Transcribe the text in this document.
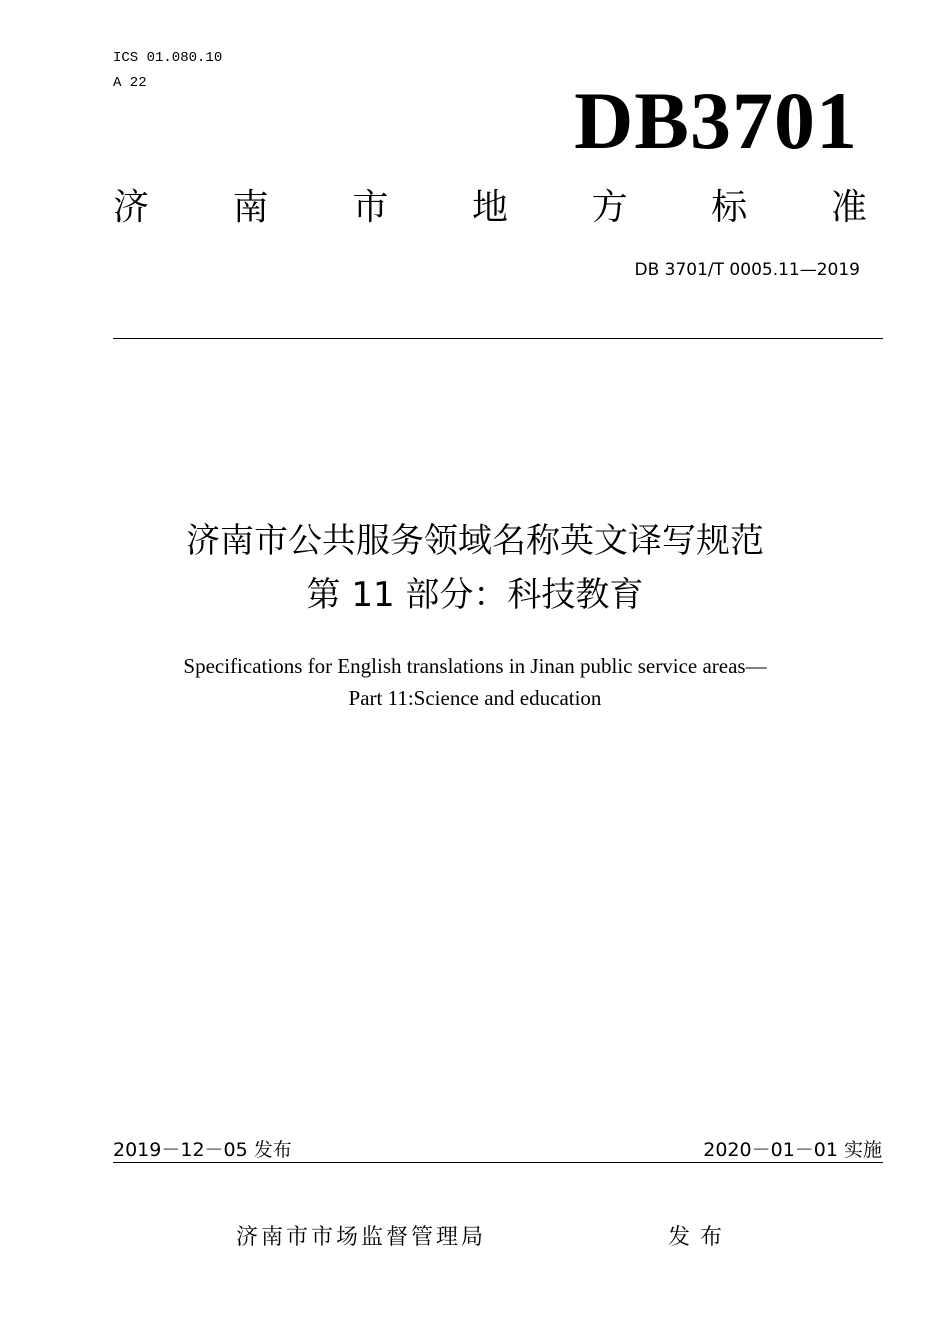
ICS 01.080.10
A 22	DB3701
济 南 市 地 方 标 准
DB 3701/T 0005.11—2019
济南市公共服务领域名称英文译写规范
第 11 部分：科技教育
Specifications for English translations in Jinan public service areas—
Part 11:Science and education
2019－12－05 发布	2020－01－01 实施
济南市市场监督管理局	发布
